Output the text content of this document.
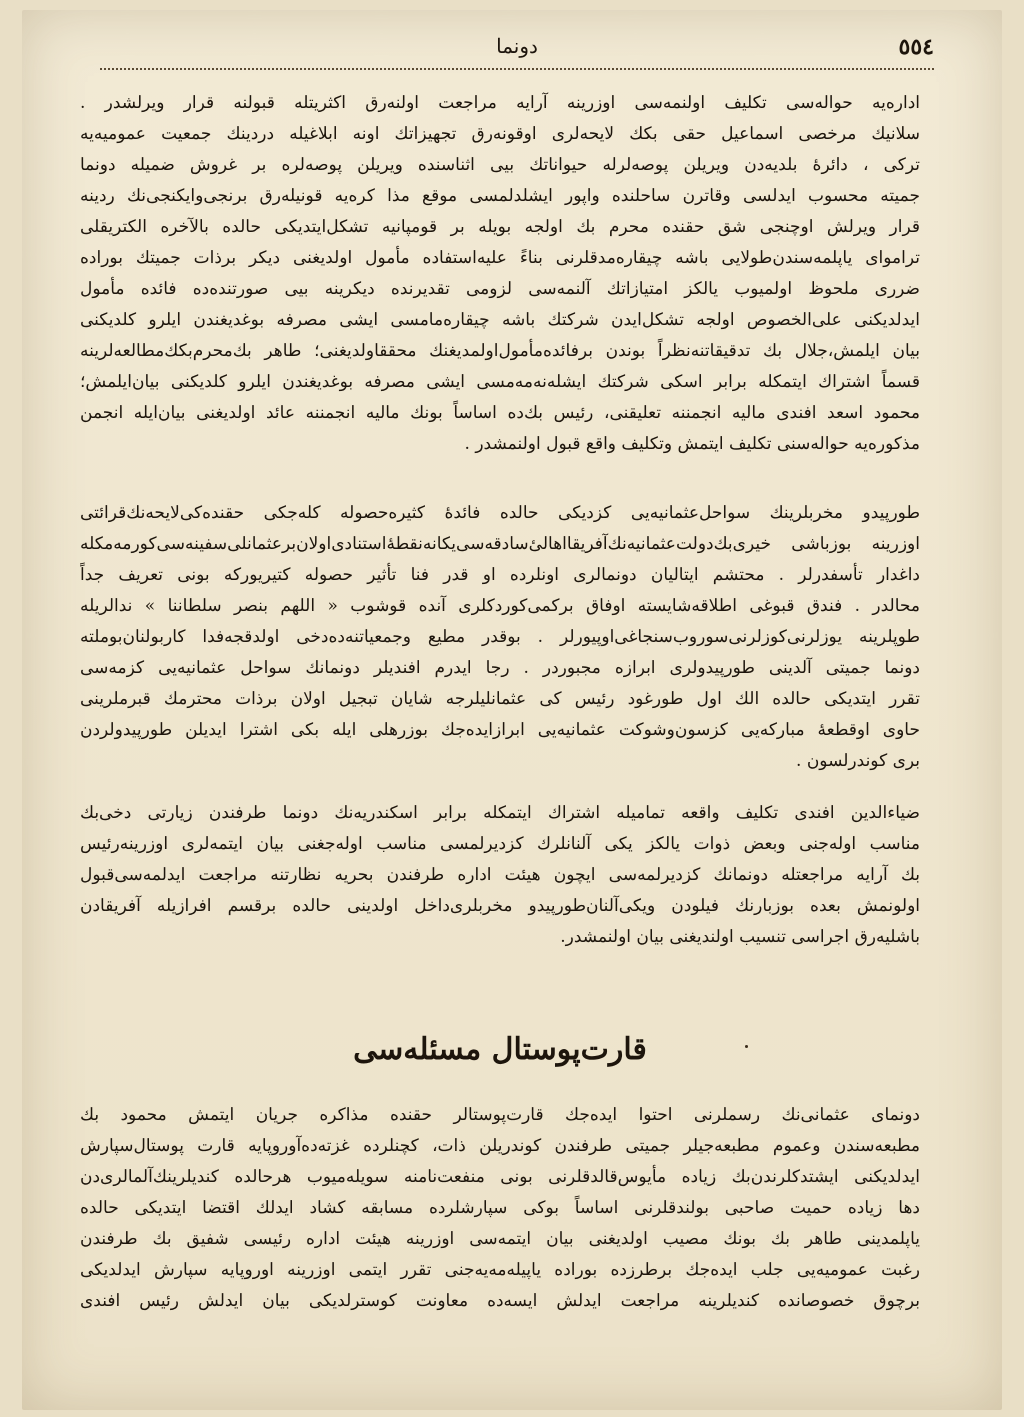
٥٥٤
دونما
اداره‌یه حواله‌سی تکلیف اولنمه‌سی اوزرینه آرایه مراجعت اولنه‌رق اکثریتله قبولنه قرار ویرلشدر .
سلانیك مرخصی اسماعیل حقی بکك لایحه‌لری اوقونه‌رق تجهیزاتك اونه ابلاغیله دردینك جمعیت عمومیه‌یه
ترکی ، دائرهٔ بلدیه‌دن ویریلن پوصه‌لرله حیواناتك بیی اثناسنده ویریلن پوصه‌لره بر غروش ضمیله دونما
جمیته محسوب ایدلسی وقاترن ساحلنده واپور ایشلدلمسی موقع مذا کره‌یه قونیله‌رق برنجی‌وایکنجی‌نك ردینه
قرار ویرلش اوچنجی شق حقنده محرم بك اولجه بویله بر قومپانیه تشکل‌ایتدیکی حالده بالآخره الکتریقلی
ترامواى یاپلمه‌سندن‌طولایی باشه چیقاره‌مدقلرنی بناءً علیه‌استفاده مأمول اولدیغنی دیکر برذات جمیتك بوراده
ضرری ملحوظ اولمیوب یالکز امتیازاتك آلنمه‌سی لزومی تقدیرنده دیکرینه بیی صورتنده‌ده فائده مأمول
ایدلدیکنی علی‌الخصوص اولجه تشکل‌ایدن شرکتك باشه چیقاره‌مامسی ایشی مصرفه بوغدیغندن ایلرو کلدیکنی
بیان ایلمش،جلال بك تدقیقاتنه‌نظراً بوندن برفائده‌مأمول‌اولمدیغنك محققاولدیغنی؛ طاهر بك‌محرم‌بکك‌مطالعه‌لرینه
قسماً اشتراك ایتمکله برابر اسکی شرکتك ایشله‌نه‌مه‌مسی ایشی مصرفه بوغدیغندن ایلرو کلدیکنی بیان‌ایلمش؛
محمود اسعد افندی مالیه انجمننه تعلیقنی، رئیس بك‌ده اساساً بونك مالیه انجمننه عائد اولدیغنی بیان‌ایله انجمن
مذکوره‌یه حواله‌سنی تکلیف ایتمش وتکلیف واقع قبول اولنمشدر .
طورپیدو مخربلرینك سواحل‌عثمانیه‌یی کزدیکی حالده فائدهٔ کثیره‌حصوله کله‌جکی حقنده‌کی‌لایحه‌نك‌قرائتی
اوزرینه بوزباشی خیری‌بك‌دولت‌عثمانیه‌نك‌آفریقا‌اهالی‌ٔسادقه‌سی‌یکانه‌نقطهٔ‌استنادی‌اولان‌برعثمانلی‌سفینه‌سی‌کورمه‌مکله
داغدار تأسفدرلر . محتشم ایتالیان دونمالری اونلرده او قدر فنا تأثیر حصوله کتیریورکه بونی تعریف جداً
محالدر . فندق قبوغی اطلاقه‌شایسته اوفاق برکمی‌کوردکلری آنده قوشوب « اللهم بنصر سلطاننا » ندالریله
طوپلرینه یوزلرنی‌کوزلرنی‌سوروب‌سنجاغی‌اوپیورلر . بوقدر مطیع وجمعیاتنه‌ده‌دخی اولدقجه‌فدا کاربولنان‌بوملته
دونما جمیتی آلدینی طورپیدولری ابرازه مجبوردر . رجا ایدرم افندیلر دونمانك سواحل عثمانیه‌یی کزمه‌سی
تقرر ایتدیکی حالده الك اول طورغود رئیس کی عثمانلیلرجه شایان تبجیل اولان برذات محترمك قبرملرینی
حاوی اوقطعهٔ مبارکه‌یی کزسون‌وشوکت عثمانیه‌یی ابرازایده‌جك بوزرهلی ایله بکی اشترا ایدیلن طورپیدولردن
بری کوندرلسون .
ضیاءالدین افندی تکلیف واقعه تمامیله اشتراك ایتمکله برابر اسکندریه‌نك دونما طرفندن زیارتی دخی‌بك
مناسب اوله‌جنی وبعض ذوات یالکز یکی آلنانلرك کزدیرلمسی مناسب اوله‌جغنی بیان ایتمه‌لری اوزرینه‌رئیس
بك آرایه مراجعتله دونمانك کزدیرلمه‌سی ایچون هیئت اداره طرفندن بحریه نظارتنه مراجعت ایدلمه‌سی‌قبول
اولونمش بعده بوزبارنك فیلودن ویکی‌آلنان‌طورپیدو مخربلری‌داخل اولدینی حالده برقسم افرازیله آفریقادن
باشلیه‌رق اجراسی تنسیب اولندیغنی بیان اولنمشدر.
قارت‌پوستال مسئله‌سی
دونمای عثمانی‌نك رسملرنی احتوا ایده‌جك قارت‌پوستالر حقنده مذاکره جریان ایتمش محمود بك
مطبعه‌سندن وعموم مطبعه‌جیلر جمیتی طرفندن کوندریلن ذات، کچنلرده غزته‌ده‌آوروپایه قارت پوستال‌سپارش
ایدلدیکنی ایشتدکلرندن‌بك زیاده مأیوس‌قالدقلرنی بونی منفعت‌نامنه سویله‌میوب هرحالده کندیلرینك‌آلمالری‌دن
دها زیاده حمیت صاحبی بولندقلرنی اساساً بوکی سپارشلرده مسابقه کشاد ایدلك اقتضا ایتدیکی حالده
یاپلمدینی طاهر بك بونك مصیب اولدیغنی بیان ایتمه‌سی اوزرینه هیئت اداره رئیسی شفیق بك طرفندن
رغبت عمومیه‌یی جلب ایده‌جك برطرزده بوراده یاپیله‌مه‌یه‌جنی تقرر ایتمی اوزرینه اوروپایه سپارش ایدلدیکی
برچوق خصوصانده کندیلرینه مراجعت ایدلش ایسه‌ده معاونت کوسترلدیکی بیان ایدلش رئیس افندی
